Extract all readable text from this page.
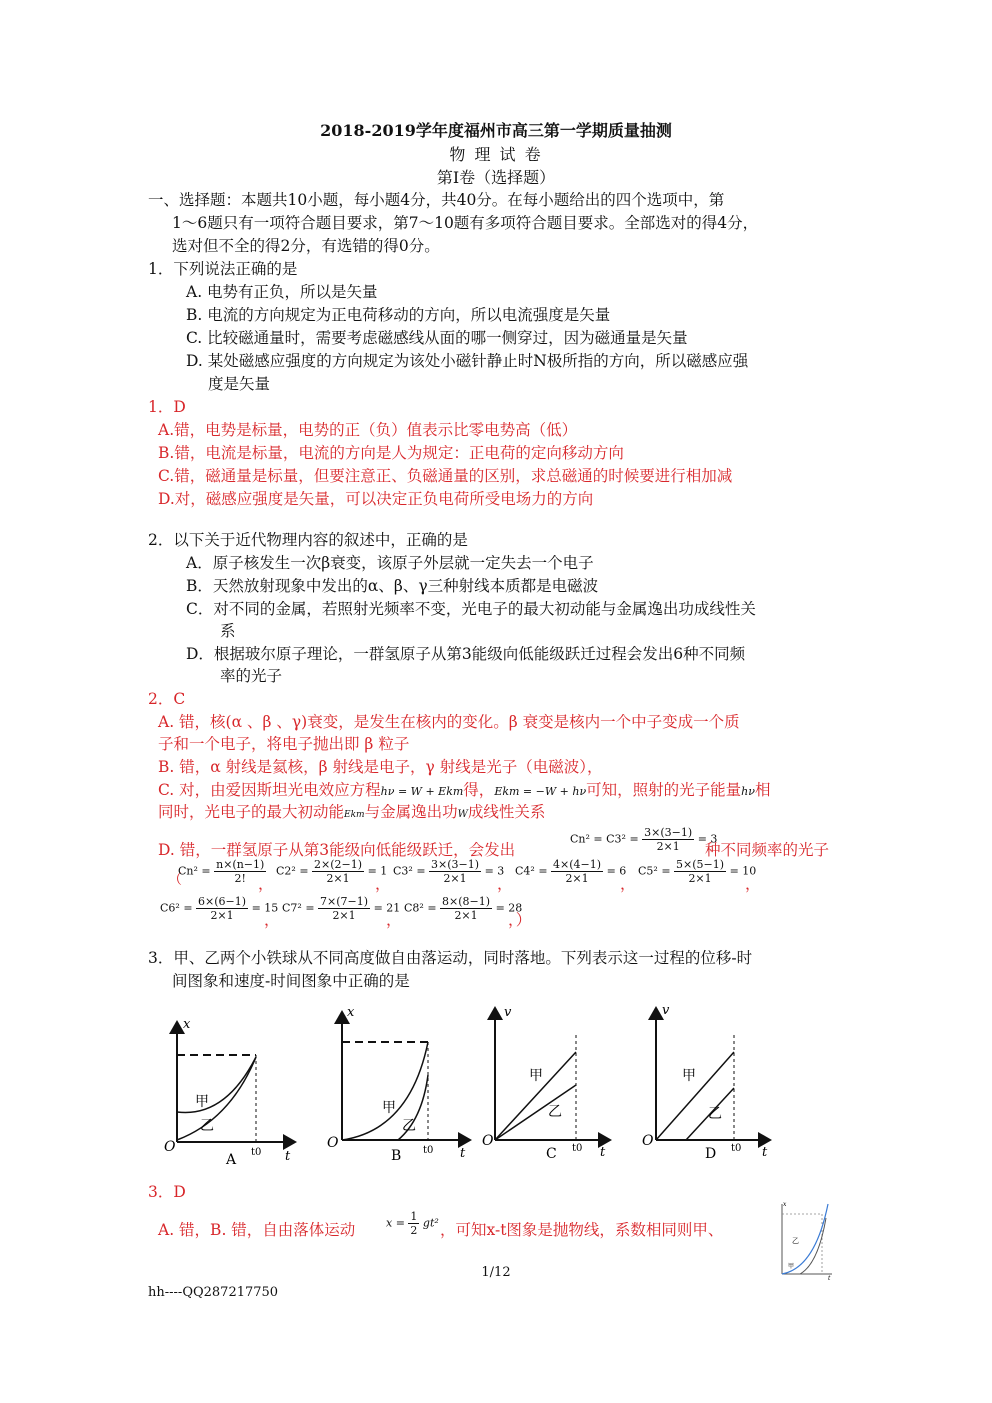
2018-2019学年度福州市高三第一学期质量抽测
物 理 试 卷
第Ⅰ卷（选择题）
一、选择题：本题共10小题，每小题4分，共40分。在每小题给出的四个选项中，第
1～6题只有一项符合题目要求，第7～10题有多项符合题目要求。全部选对的得4分，
选对但不全的得2分，有选错的得0分。
1．下列说法正确的是
A. 电势有正负，所以是矢量
B. 电流的方向规定为正电荷移动的方向，所以电流强度是矢量
C. 比较磁通量时，需要考虑磁感线从面的哪一侧穿过，因为磁通量是矢量
D. 某处磁感应强度的方向规定为该处小磁针静止时N极所指的方向，所以磁感应强
度是矢量
1．D
A.错，电势是标量，电势的正（负）值表示比零电势高（低）
B.错，电流是标量，电流的方向是人为规定：正电荷的定向移动方向
C.错，磁通量是标量，但要注意正、负磁通量的区别，求总磁通的时候要进行相加减
D.对，磁感应强度是矢量，可以决定正负电荷所受电场力的方向
2．以下关于近代物理内容的叙述中，正确的是
A．原子核发生一次β衰变，该原子外层就一定失去一个电子
B．天然放射现象中发出的α、β、γ三种射线本质都是电磁波
C．对不同的金属，若照射光频率不变，光电子的最大初动能与金属逸出功成线性关
系
D．根据玻尔原子理论，一群氢原子从第3能级向低能级跃迁过程会发出6种不同频
率的光子
2．C
A. 错，核(α 、β 、γ)衰变，是发生在核内的变化。β 衰变是核内一个中子变成一个质
子和一个电子，将电子抛出即 β 粒子
B. 错，α 射线是氦核，β 射线是电子，γ 射线是光子（电磁波），
C. 对，由爱因斯坦光电效应方程hν = W + Ekm得，Ekm = −W + hν可知，照射的光子能量hν相
同时，光电子的最大初动能Ekm与金属逸出功W成线性关系
D. 错，一群氢原子从第3能级向低能级跃迁，会发出
$Cn^2 = C3^2 = \frac{3\times(3-1)}{2\times 1} = 3$
种不同频率的光子
（
$Cn^2 = \frac{n\times(n-1)}{2!}$
，
$C2^2 = \frac{2\times(2-1)}{2\times 1} = 1$
，
$C3^2 = \frac{3\times(3-1)}{2\times 1} = 3$
，
$C4^2 = \frac{4\times(4-1)}{2\times 1} = 6$
，
$C5^2 = \frac{5\times(5-1)}{2\times 1} = 10$
，
$C6^2 = \frac{6\times(6-1)}{2\times 1} = 15$
，
$C7^2 = \frac{7\times(7-1)}{2\times 1} = 21$
，
$C8^2 = \frac{8\times(8-1)}{2\times 1} = 28$
，）
3．甲、乙两个小铁球从不同高度做自由落运动，同时落地。下列表示这一过程的位移-时
间图象和速度-时间图象中正确的是
x
t
O	t0
甲
乙
A
x
t
O	t0
甲
乙
B
v
t
O	t0
甲
乙
C
v
t
O	t0
甲
乙
D
3．D
A. 错，B. 错，自由落体运动	$x = \frac{1}{2} gt^2$ ，可知x-t图象是抛物线，系数相同则甲、
x
t
乙
甲
1/12
hh----QQ287217750
